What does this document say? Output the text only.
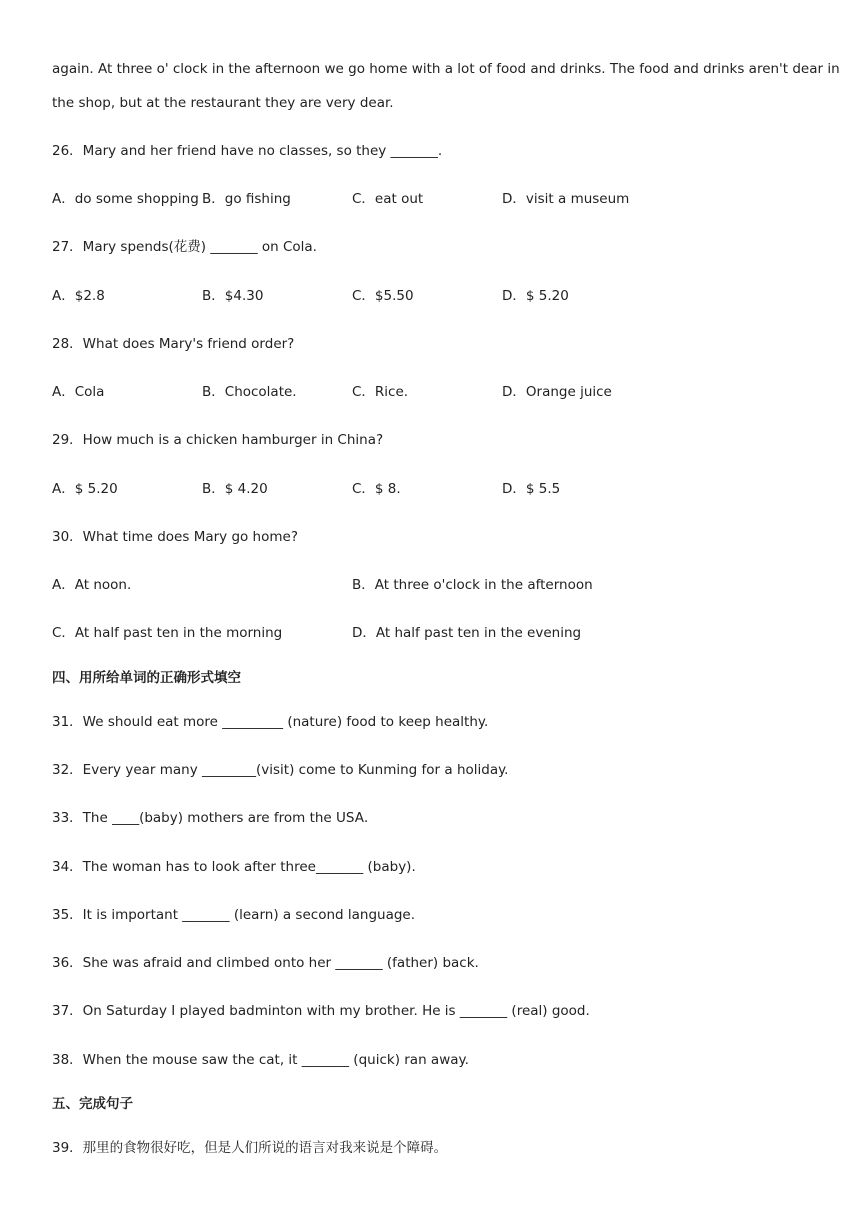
again. At three o' clock in the afternoon we go home with a lot of food and drinks. The food and drinks aren't dear in
the shop, but at the restaurant they are very dear.
26．Mary and her friend have no classes, so they _______.
A．do some shopping B．go fishing	C．eat out	D．visit a museum
27．Mary spends(花费) _______ on Cola.
A．$2.8	B．$4.30	C．$5.50	D．$ 5.20
28．What does Mary's friend order?
A．Cola	B．Chocolate.	C．Rice.	D．Orange juice
29．How much is a chicken hamburger in China?
A．$ 5.20	B．$ 4.20	C．$ 8.	D．$ 5.5
30．What time does Mary go home?
A．At noon.	B．At three o'clock in the afternoon
C．At half past ten in the morning	D．At half past ten in the evening
四、用所给单词的正确形式填空
31．We should eat more _________ (nature) food to keep healthy.
32．Every year many ________(visit) come to Kunming for a holiday.
33．The ____(baby) mothers are from the USA．
34．The woman has to look after three_______ (baby).
35．It is important _______ (learn) a second language.
36．She was afraid and climbed onto her _______ (father) back.
37．On Saturday I played badminton with my brother. He is _______ (real) good.
38．When the mouse saw the cat, it _______ (quick) ran away.
五、完成句子
39．那里的食物很好吃，但是人们所说的语言对我来说是个障碍。
